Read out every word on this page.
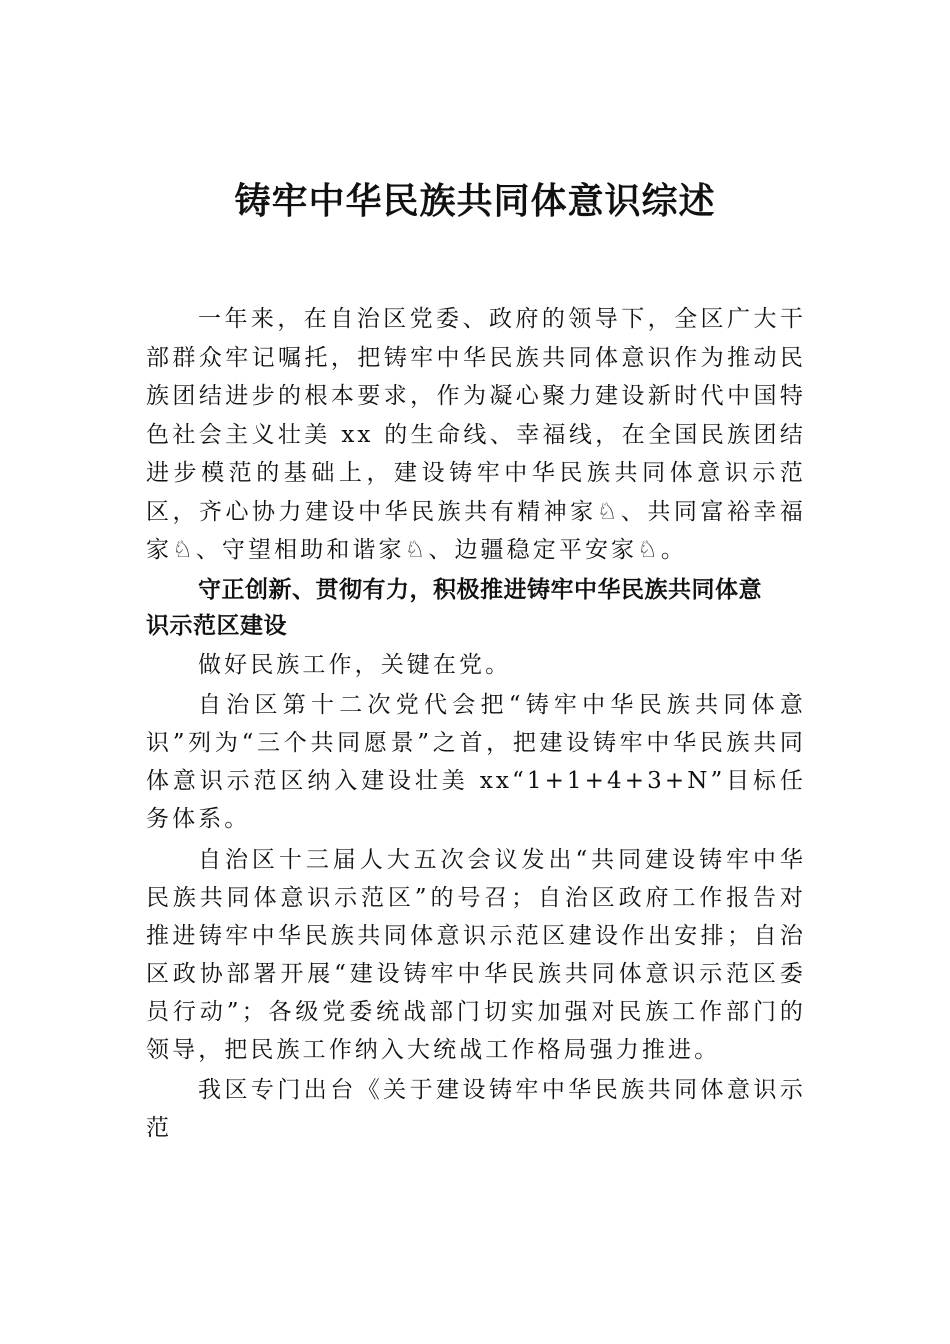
铸牢中华民族共同体意识综述

一年来，在自治区党委、政府的领导下，全区广大干部群众牢记嘱托，把铸牢中华民族共同体意识作为推动民族团结进步的根本要求，作为凝心聚力建设新时代中国特色社会主义壮美 xx 的生命线、幸福线，在全国民族团结进步模范的基础上，建设铸牢中华民族共同体意识示范区，齐心协力建设中华民族共有精神家♘、共同富裕幸福家♘、守望相助和谐家♘、边疆稳定平安家♘。

守正创新、贯彻有力，积极推进铸牢中华民族共同体意识示范区建设

做好民族工作，关键在党。

自治区第十二次党代会把“铸牢中华民族共同体意识”列为“三个共同愿景”之首，把建设铸牢中华民族共同体意识示范区纳入建设壮美 xx“1+1+4+3+N”目标任务体系。

自治区十三届人大五次会议发出“共同建设铸牢中华民族共同体意识示范区”的号召；自治区政府工作报告对推进铸牢中华民族共同体意识示范区建设作出安排；自治区政协部署开展“建设铸牢中华民族共同体意识示范区委员行动”；各级党委统战部门切实加强对民族工作部门的领导，把民族工作纳入大统战工作格局强力推进。

我区专门出台《关于建设铸牢中华民族共同体意识示范
